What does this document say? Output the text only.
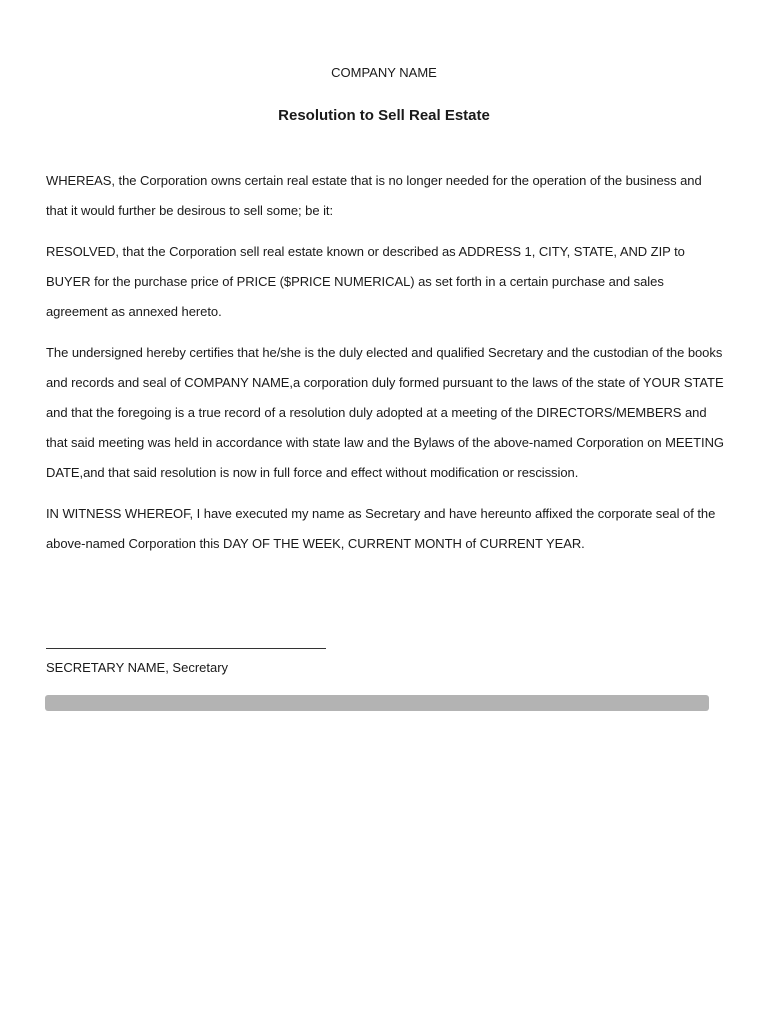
COMPANY NAME
Resolution to Sell Real Estate

WHEREAS, the Corporation owns certain real estate that is no longer needed for the operation of the business and that it would further be desirous to sell some; be it:

RESOLVED, that the Corporation sell real estate known or described as ADDRESS 1, CITY, STATE, AND ZIP to BUYER for the purchase price of PRICE ($PRICE NUMERICAL) as set forth in a certain purchase and sales agreement as annexed hereto.

The undersigned hereby certifies that he/she is the duly elected and qualified Secretary and the custodian of the books and records and seal of COMPANY NAME,a corporation duly formed pursuant to the laws of the state of YOUR STATE and that the foregoing is a true record of a resolution duly adopted at a meeting of the DIRECTORS/MEMBERS and that said meeting was held in accordance with state law and the Bylaws of the above-named Corporation on MEETING DATE,and that said resolution is now in full force and effect without modification or rescission.

IN WITNESS WHEREOF, I have executed my name as Secretary and have hereunto affixed the corporate seal of the above-named Corporation this DAY OF THE WEEK, CURRENT MONTH of CURRENT YEAR.

SECRETARY NAME, Secretary
